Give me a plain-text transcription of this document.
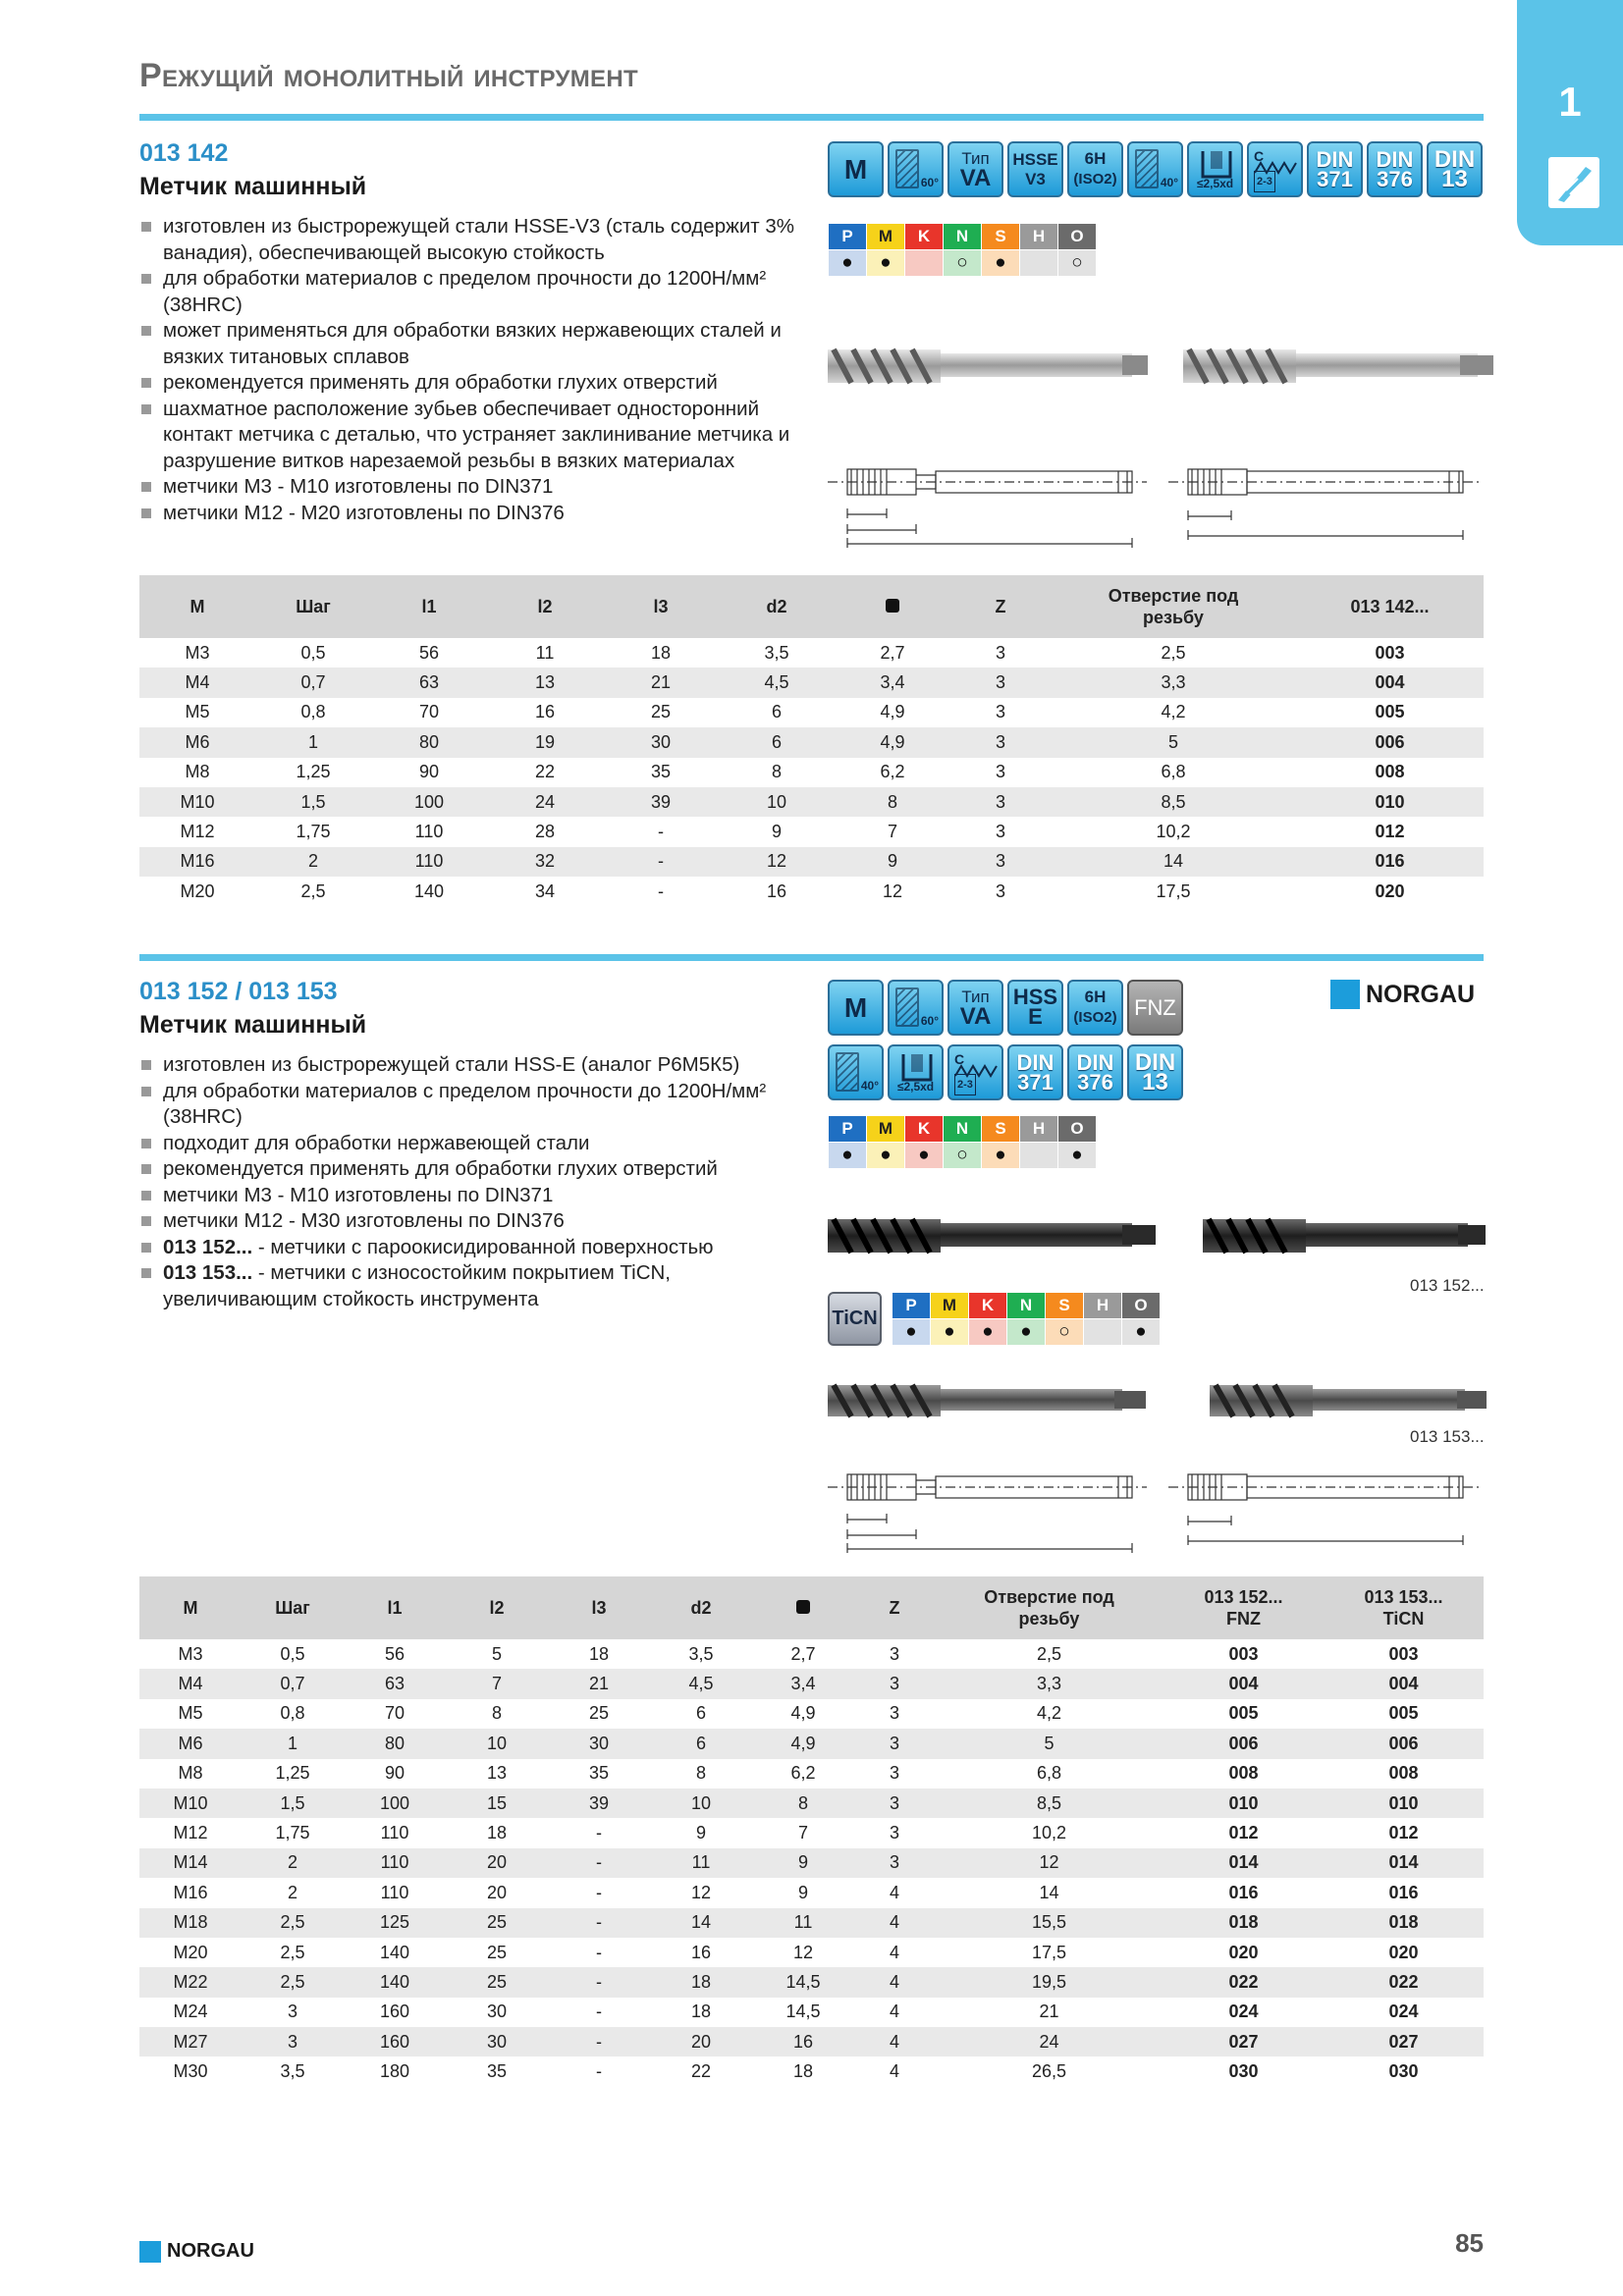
Режущий монолитный инструмент
1
013 142
Метчик машинный
изготовлен из быстрорежущей стали HSSE-V3 (сталь содержит 3% ванадия), обеспечивающей высокую стойкость
для обработки материалов с пределом прочности до 1200Н/мм² (38HRC)
может применяться для обработки вязких нержавеющих сталей и вязких титановых сплавов
рекомендуется применять для обработки глухих отверстий
шахматное расположение зубьев обеспечивает односторонний контакт метчика с деталью, что устраняет заклинивание метчика и разрушение витков нарезаемой резьбы в вязких материалах
метчики М3 - М10 изготовлены по DIN371
метчики М12 - М20 изготовлены по DIN376
M	60°
Тип
VA
HSSE
V3
6H
(ISO2)	40° ≤2,5xd
C
2-3
DIN
371
DIN
376
DIN
13
P	M	K	N	S	H	O
●	●		○	●		○
M	Шаг	l1	l2	l3	d2		Z	Отверстие под резьбу	013 142...
M3	0,5	56	11	18	3,5	2,7	3	2,5	003
M4	0,7	63	13	21	4,5	3,4	3	3,3	004
M5	0,8	70	16	25	6	4,9	3	4,2	005
M6	1	80	19	30	6	4,9	3	5	006
M8	1,25	90	22	35	8	6,2	3	6,8	008
M10	1,5	100	24	39	10	8	3	8,5	010
M12	1,75	110	28	-	9	7	3	10,2	012
M16	2	110	32	-	12	9	3	14	016
M20	2,5	140	34	-	16	12	3	17,5	020
013 152 / 013 153
Метчик машинный
изготовлен из быстрорежущей стали HSS-E (аналог Р6М5К5)
для обработки материалов с пределом прочности до 1200Н/мм² (38HRC)
подходит для обработки нержавеющей стали
рекомендуется применять для обработки глухих отверстий
метчики М3 - М10 изготовлены по DIN371
метчики М12 - М30 изготовлены по DIN376
013 152... - метчики с пароокисидированной поверхностью
013 153... - метчики с износостойким покрытием TiCN, увеличивающим стойкость инструмента
M	60°
Тип
VA
HSS
E
6H
(ISO2) FNZ
40° ≤2,5xd
C
2-3
DIN
371
DIN
376
DIN
13
NORGAU
P	M	K	N	S	H	O
●	●	●	○	●		●
013 152...
TiCN
P	M	K	N	S	H	O
●	●	●	●	○		●
013 153...
M	Шаг	l1	l2	l3	d2		Z	Отверстие под резьбу	013 152... FNZ	013 153... TiCN
M3	0,5	56	5	18	3,5	2,7	3	2,5	003	003
M4	0,7	63	7	21	4,5	3,4	3	3,3	004	004
M5	0,8	70	8	25	6	4,9	3	4,2	005	005
M6	1	80	10	30	6	4,9	3	5	006	006
M8	1,25	90	13	35	8	6,2	3	6,8	008	008
M10	1,5	100	15	39	10	8	3	8,5	010	010
M12	1,75	110	18	-	9	7	3	10,2	012	012
M14	2	110	20	-	11	9	3	12	014	014
M16	2	110	20	-	12	9	4	14	016	016
M18	2,5	125	25	-	14	11	4	15,5	018	018
M20	2,5	140	25	-	16	12	4	17,5	020	020
M22	2,5	140	25	-	18	14,5	4	19,5	022	022
M24	3	160	30	-	18	14,5	4	21	024	024
M27	3	160	30	-	20	16	4	24	027	027
M30	3,5	180	35	-	22	18	4	26,5	030	030
NORGAU	85
